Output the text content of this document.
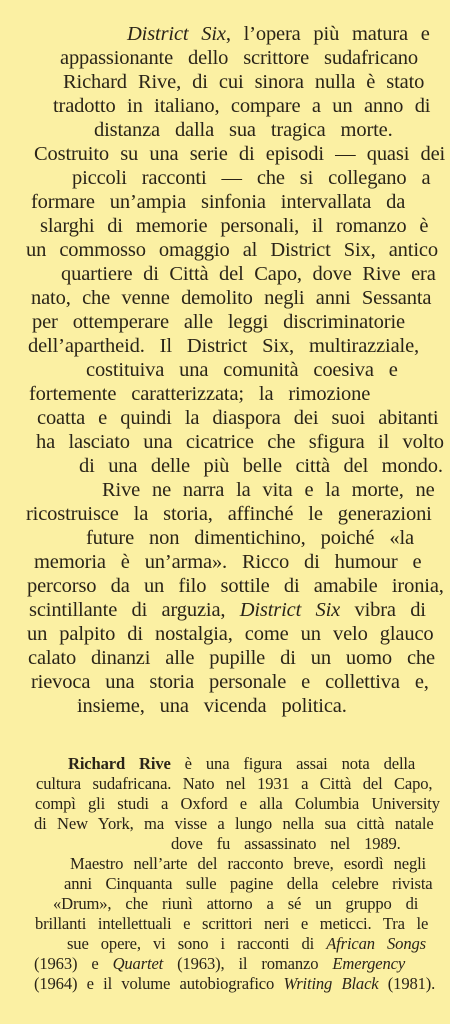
District Six, l’opera più matura e
appassionante dello scrittore sudafricano
Richard Rive, di cui sinora nulla è stato
tradotto in italiano, compare a un anno di
distanza dalla sua tragica morte.
Costruito su una serie di episodi — quasi dei
piccoli racconti — che si collegano a
formare un’ampia sinfonia intervallata da
slarghi di memorie personali, il romanzo è
un commosso omaggio al District Six, antico
quartiere di Città del Capo, dove Rive era
nato, che venne demolito negli anni Sessanta
per ottemperare alle leggi discriminatorie
dell’apartheid. Il District Six, multirazziale,
costituiva una comunità coesiva e
fortemente caratterizzata; la rimozione
coatta e quindi la diaspora dei suoi abitanti
ha lasciato una cicatrice che sfigura il volto
di una delle più belle città del mondo.
Rive ne narra la vita e la morte, ne
ricostruisce la storia, affinché le generazioni
future non dimentichino, poiché «la
memoria è un’arma». Ricco di humour e
percorso da un filo sottile di amabile ironia,
scintillante di arguzia, District Six vibra di
un palpito di nostalgia, come un velo glauco
calato dinanzi alle pupille di un uomo che
rievoca una storia personale e collettiva e,
insieme, una vicenda politica.
Richard Rive è una figura assai nota della
cultura sudafricana. Nato nel 1931 a Città del Capo,
compì gli studi a Oxford e alla Columbia University
di New York, ma visse a lungo nella sua città natale
dove fu assassinato nel 1989.
Maestro nell’arte del racconto breve, esordì negli
anni Cinquanta sulle pagine della celebre rivista
«Drum», che riunì attorno a sé un gruppo di
brillanti intellettuali e scrittori neri e meticci. Tra le
sue opere, vi sono i racconti di African Songs
(1963) e Quartet (1963), il romanzo Emergency
(1964) e il volume autobiografico Writing Black (1981).
